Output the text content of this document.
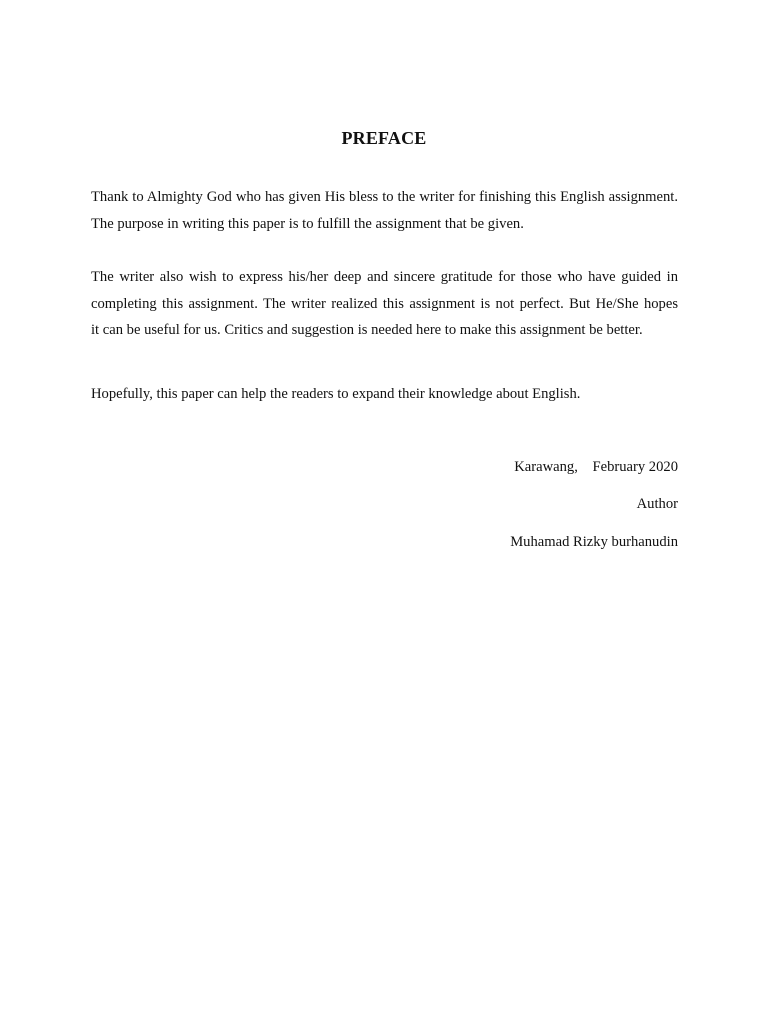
PREFACE
Thank to Almighty God who has given His bless to the writer for finishing this English assignment.
The purpose in writing this paper is to fulfill the assignment that be given.
The writer also wish to express his/her deep and sincere gratitude for those who have guided in
completing this assignment. The writer realized this assignment is not perfect. But He/She hopes
it can be useful for us. Critics and suggestion is needed here to make this assignment be better.
Hopefully, this paper can help the readers to expand their knowledge about English.
Karawang,    February 2020
Author
Muhamad Rizky burhanudin
